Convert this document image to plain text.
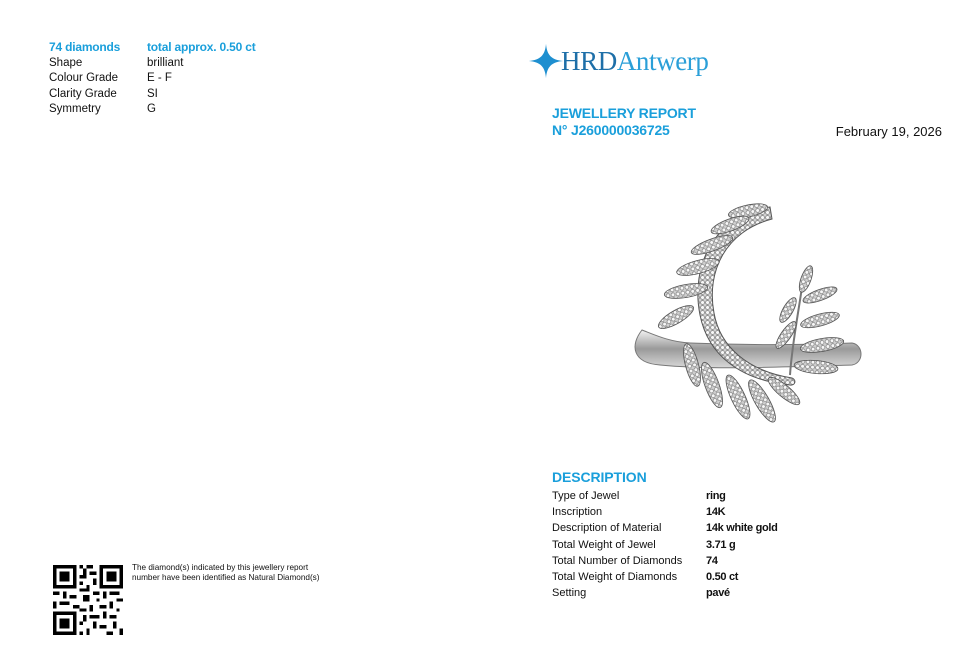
74 diamonds	total approx. 0.50 ct
Shape	brilliant
Colour Grade	E - F
Clarity Grade	SI
Symmetry	G
HRDAntwerp
JEWELLERY REPORT
N° J260000036725	February 19, 2026
DESCRIPTION
Type of Jewel	ring
Inscription	14K
Description of Material	14k white gold
Total Weight of Jewel	3.71 g
Total Number of Diamonds	74
Total Weight of Diamonds	0.50 ct
Setting	pavé
The diamond(s) indicated by this jewellery report number have been identified as Natural Diamond(s)
